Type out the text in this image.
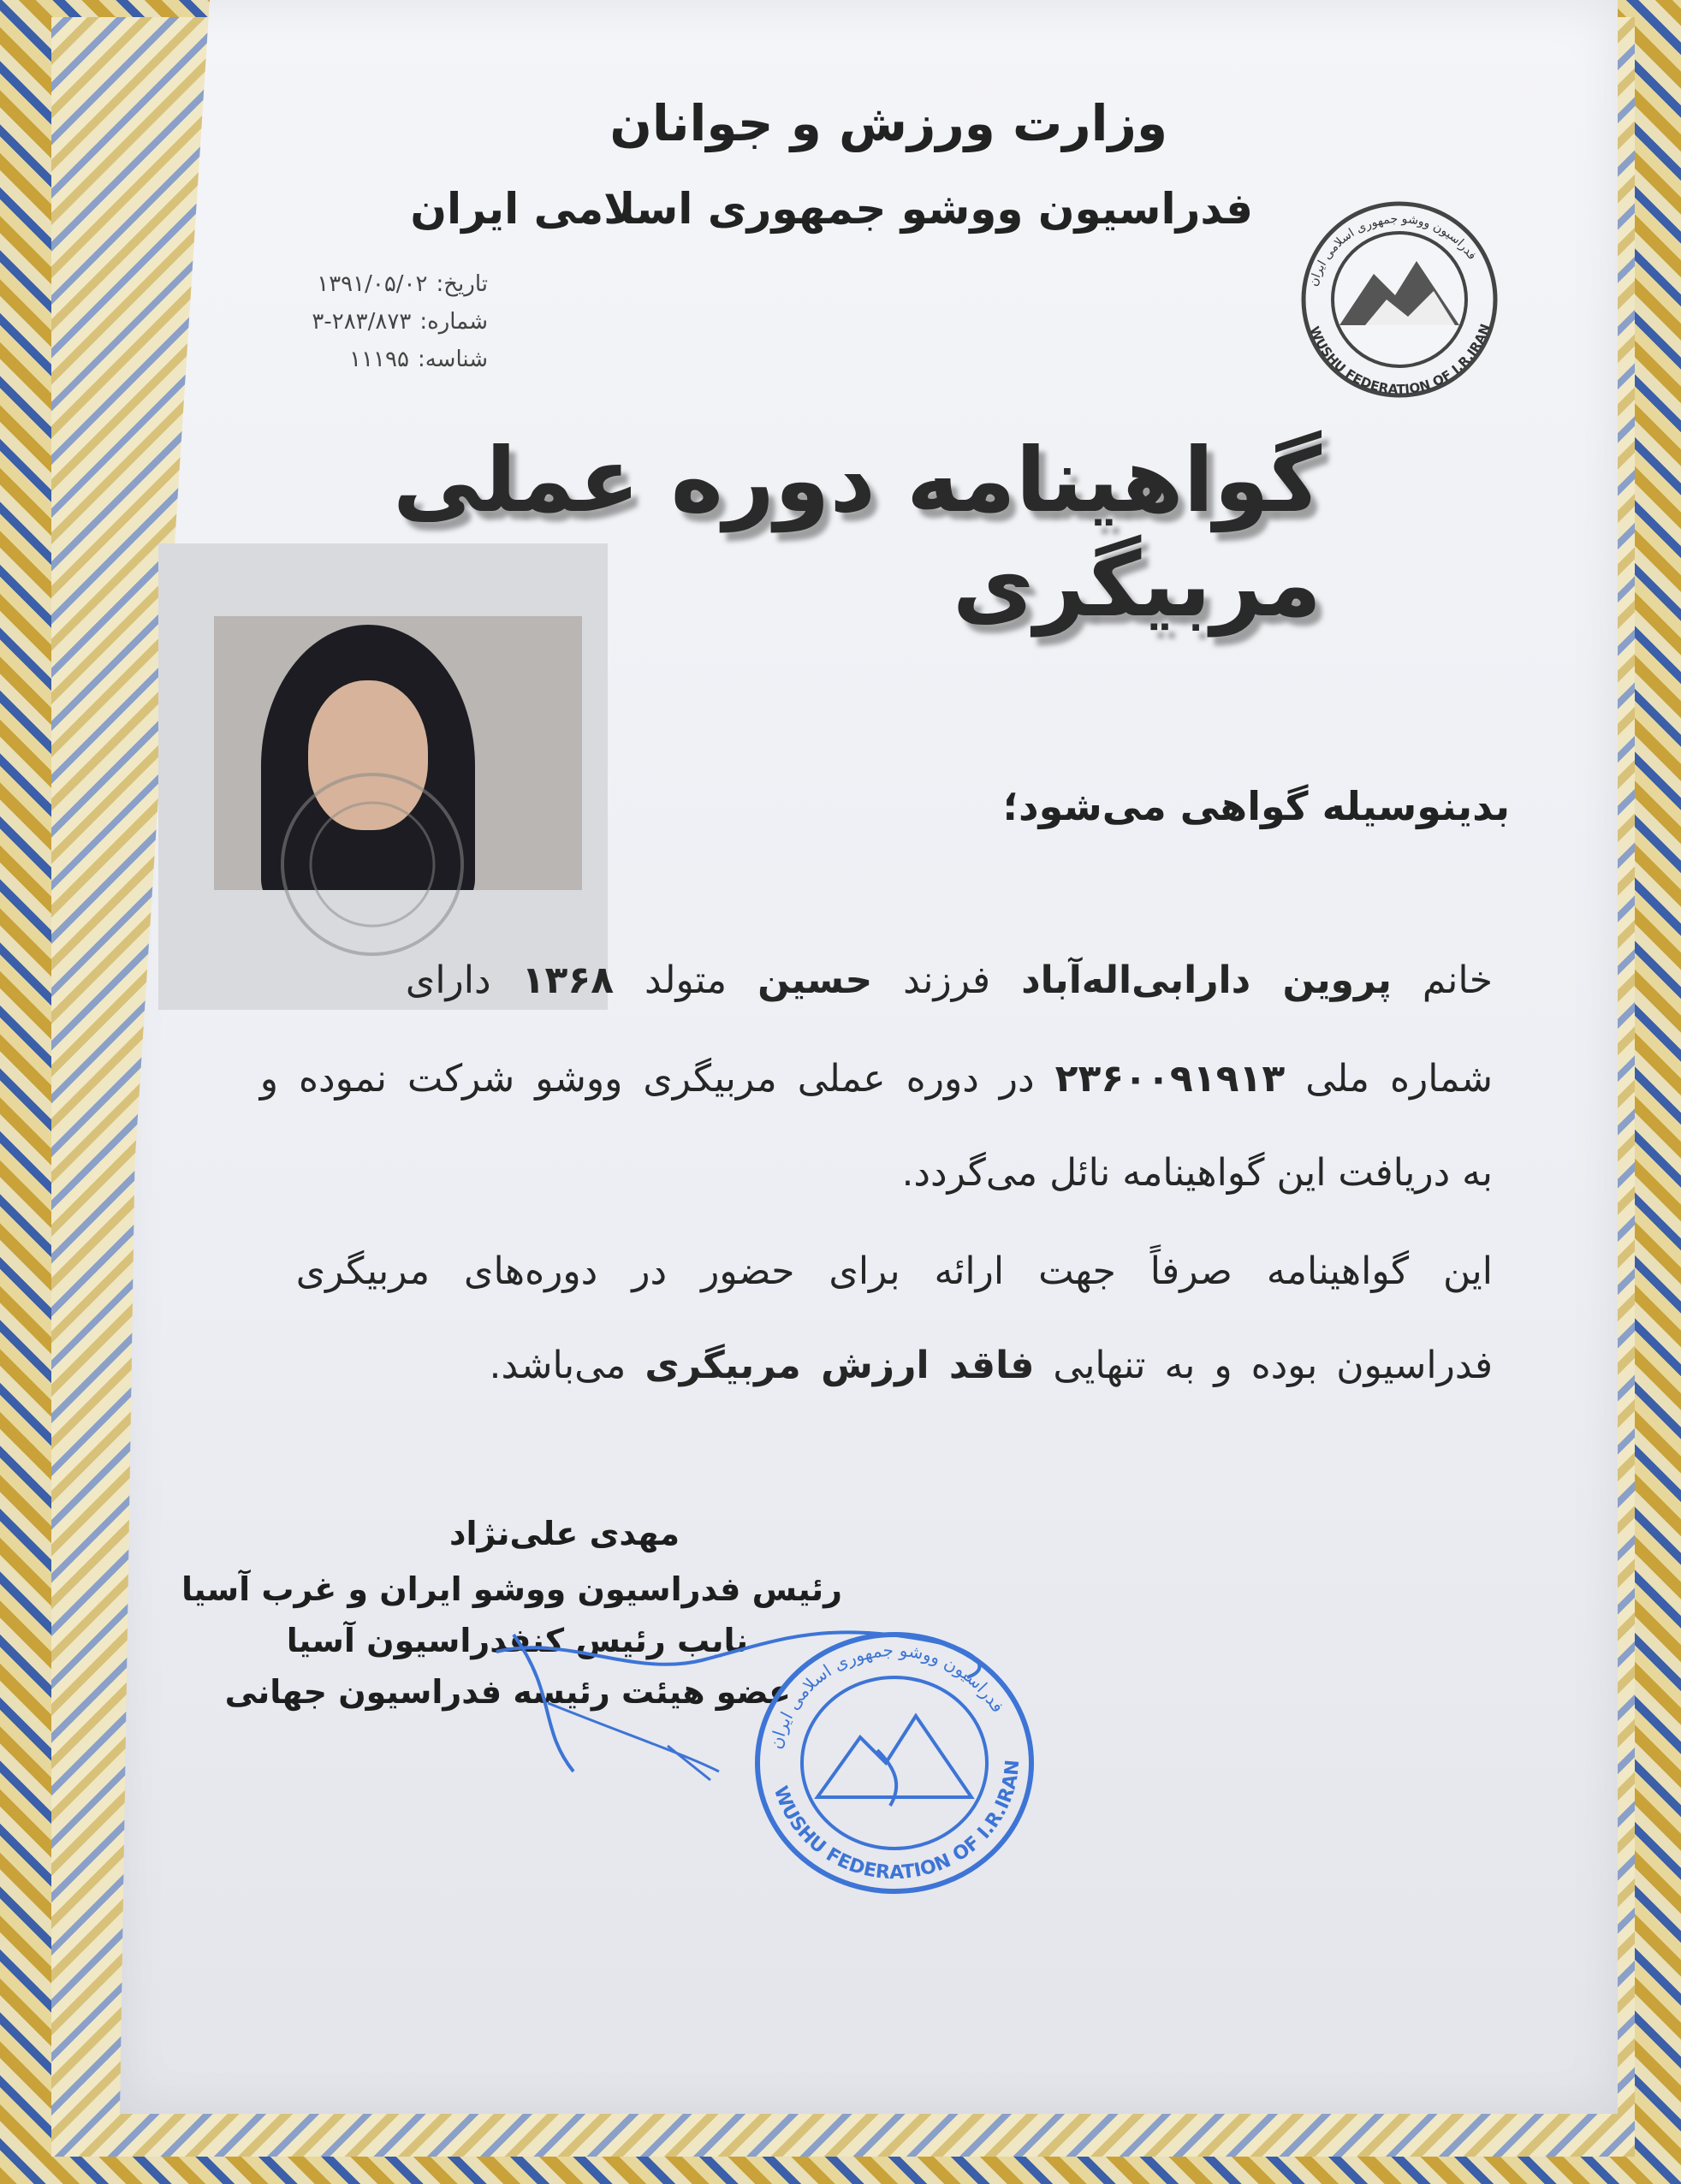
وزارت ورزش و جوانان
فدراسیون ووشو جمهوری اسلامی ایران
تاریخ:
۱۳۹۱/۰۵/۰۲
شماره:
۳-۲۸۳/۸۷۳
شناسه:
۱۱۱۹۵
فدراسیون ووشو جمهوری اسلامی ایران
WUSHU FEDERATION OF I.R.IRAN
گواهینامه دوره عملی مربیگری
بدینوسیله گواهی می‌شود؛
خانم پروین دارابی‌اله‌آباد فرزند حسین متولد ۱۳۶۸ دارای
شماره ملی ۲۳۶۰۰۹۱۹۱۳ در دوره عملی مربیگری ووشو شرکت نموده و
به دریافت این گواهینامه نائل می‌گردد.
این گواهینامه صرفاً جهت ارائه برای حضور در دوره‌های مربیگری
فدراسیون بوده و به تنهایی فاقد ارزش مربیگری می‌باشد.
مهدی علی‌نژاد
رئیس فدراسیون ووشو ایران و غرب آسیا
نایب رئیس کنفدراسیون آسیا
عضو هیئت رئیسه فدراسیون جهانی
فدراسیون ووشو جمهوری اسلامی ایران
WUSHU FEDERATION OF I.R.IRAN
